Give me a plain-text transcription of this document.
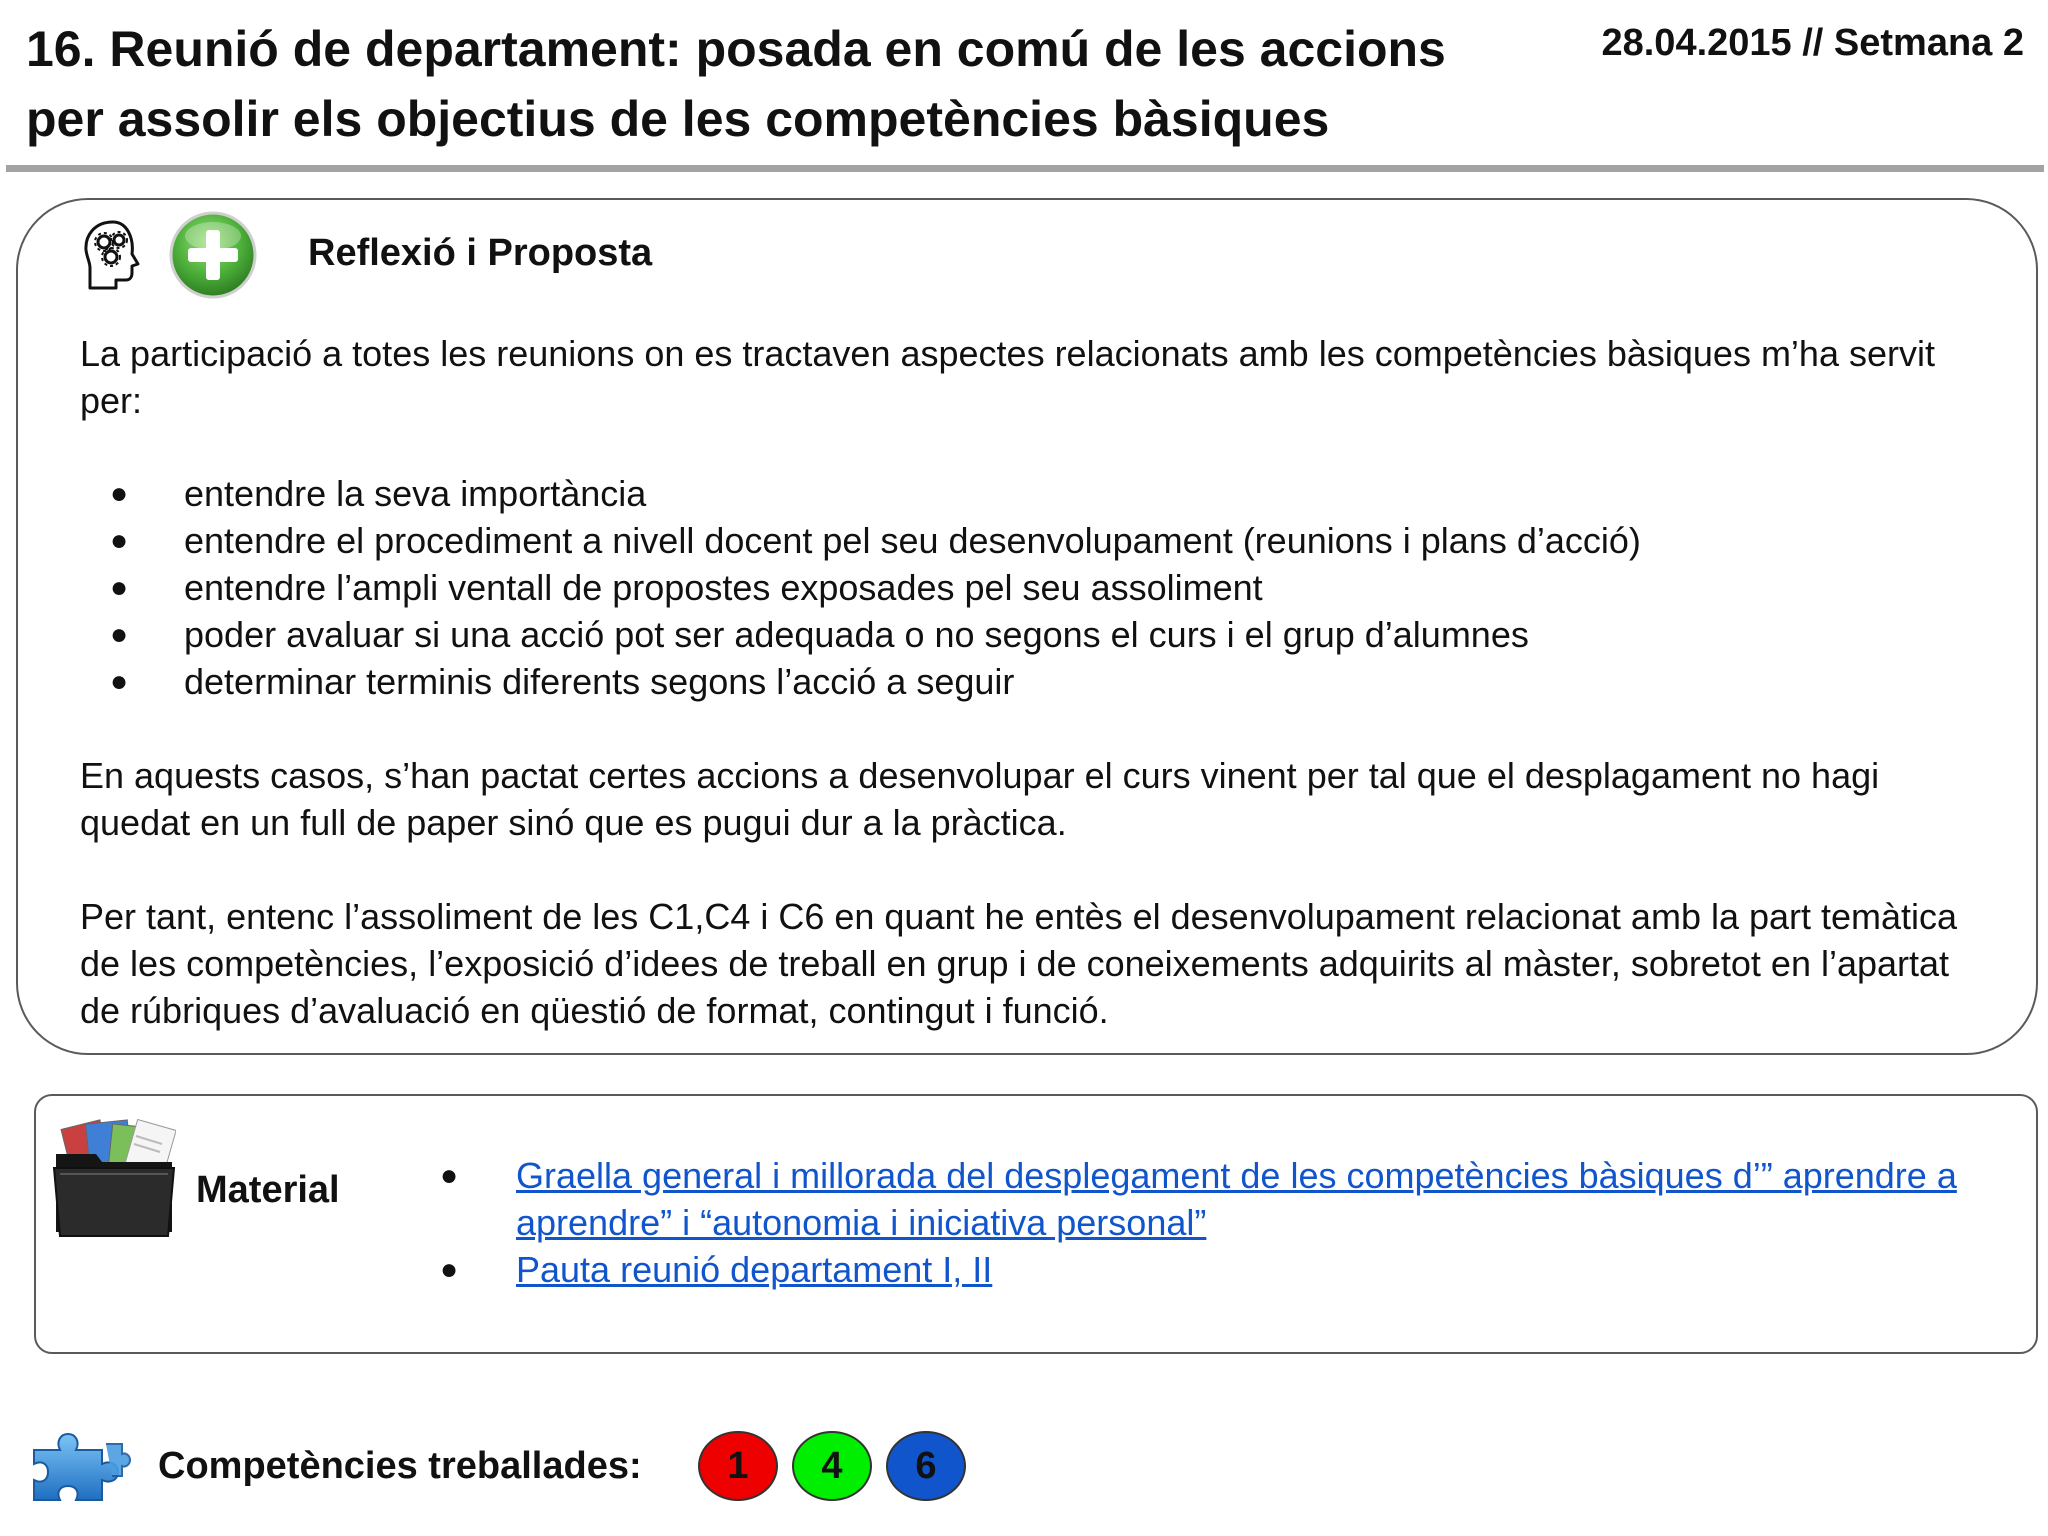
16. Reunió de departament: posada en comú de les accions per assolir els objectius de les competències bàsiques
28.04.2015 // Setmana 2
Reflexió i Proposta
La participació a totes les reunions on es tractaven aspectes relacionats amb les competències bàsiques m’ha servit per:
● entendre la seva importància
● entendre el procediment a nivell docent pel seu desenvolupament (reunions i plans d’acció)
● entendre l’ampli ventall de propostes exposades pel seu assoliment
● poder avaluar si una acció pot ser adequada o no segons el curs i el grup d’alumnes
● determinar terminis diferents segons l’acció a seguir
En aquests casos, s’han pactat certes accions a desenvolupar el curs vinent per tal que el desplagament no hagi quedat en un full de paper sinó que es pugui dur a la pràctica.
Per tant, entenc l’assoliment de les C1,C4 i C6 en quant he entès el desenvolupament relacionat amb la part temàtica de les competències, l’exposició d’idees de treball en grup i de coneixements adquirits al màster, sobretot en l’apartat de rúbriques d’avaluació en qüestió de format, contingut i funció.
Material	● Graella general i millorada del desplegament de les competències bàsiques d’” aprendre a aprendre” i “autonomia i iniciativa personal”
● Pauta reunió departament I, II
Competències treballades:	1	4	6
